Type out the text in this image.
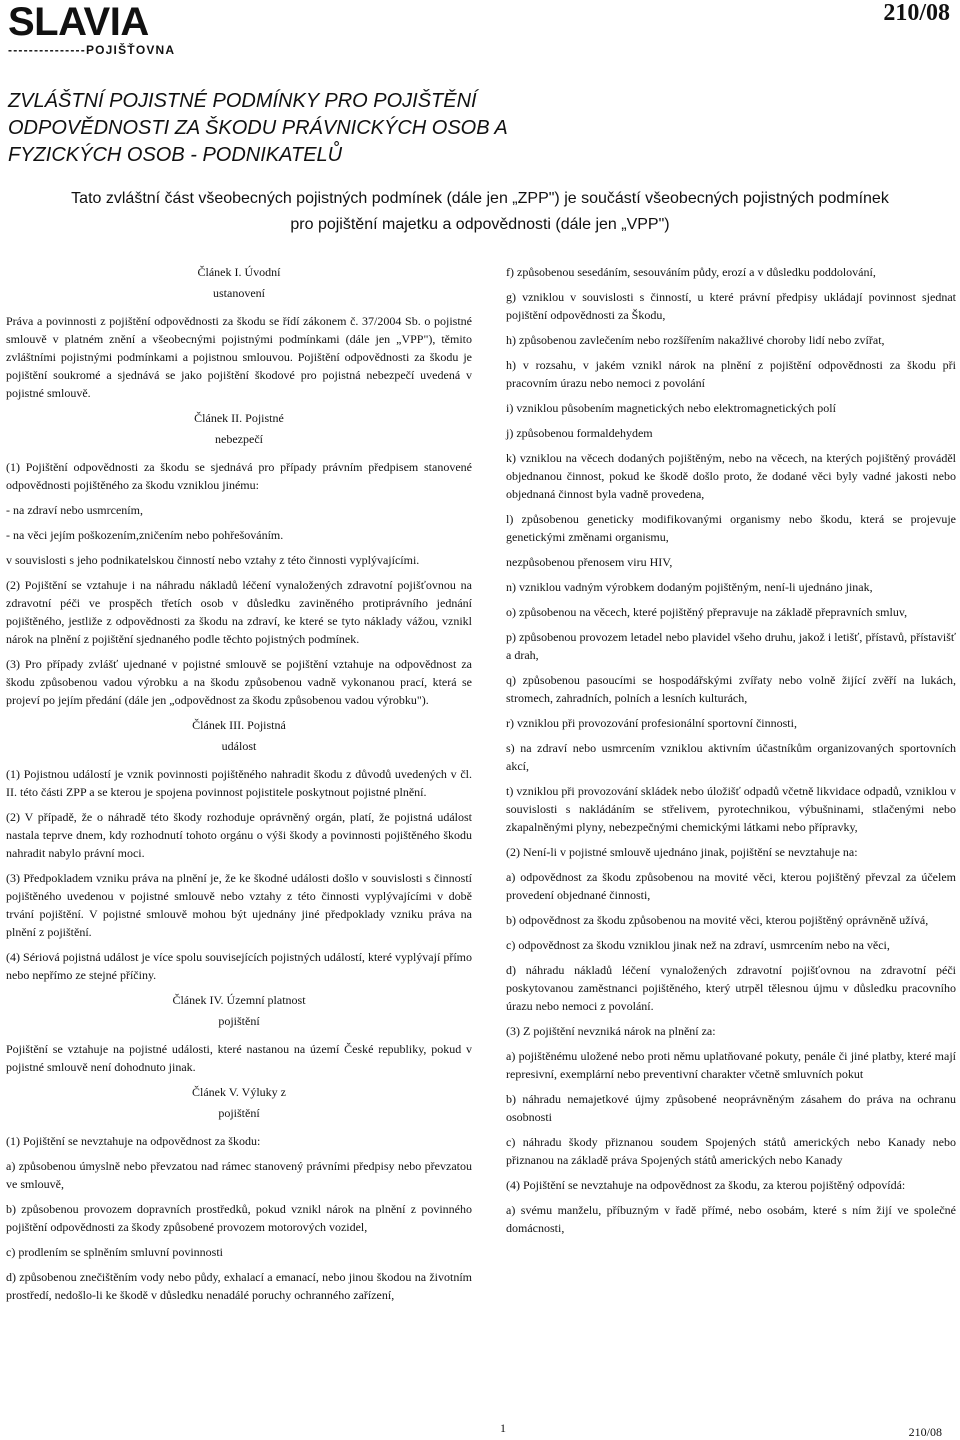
SLAVIA
---------------POJIŠŤOVNA
210/08
ZVLÁŠTNÍ POJISTNÉ PODMÍNKY PRO POJIŠTĚNÍ
ODPOVĚDNOSTI ZA ŠKODU PRÁVNICKÝCH OSOB A
FYZICKÝCH OSOB - PODNIKATELŮ
Tato zvláštní část všeobecných pojistných podmínek (dále jen „ZPP") je součástí všeobecných pojistných podmínek
pro pojištění majetku a odpovědnosti (dále jen „VPP")
Článek I. Úvodní
ustanovení

Práva a povinnosti z pojištění odpovědnosti za škodu se řídí zákonem č. 37/2004 Sb. o pojistné smlouvě v platném znění a všeobecnými pojistnými podmínkami (dále jen „VPP"), těmito zvláštními pojistnými podmínkami a pojistnou smlouvou. Pojištění odpovědnosti za škodu je pojištění soukromé a sjednává se jako pojištění škodové pro pojistná nebezpečí uvedená v pojistné smlouvě.

Článek II. Pojistné
nebezpečí

(1) Pojištění odpovědnosti za škodu se sjednává pro případy právním předpisem stanovené odpovědnosti pojištěného za škodu vzniklou jinému:

- na zdraví nebo usmrcením,

- na věci jejím poškozením,zničením nebo pohřešováním.

v souvislosti s jeho podnikatelskou činností nebo vztahy z této činnosti vyplývajícími.

(2) Pojištění se vztahuje i na náhradu nákladů léčení vynaložených zdravotní pojišťovnou na zdravotní péči ve prospěch třetích osob v důsledku zaviněného protiprávního jednání pojištěného, jestliže z odpovědnosti za škodu na zdraví, ke které se tyto náklady vážou, vznikl nárok na plnění z pojištění sjednaného podle těchto pojistných podmínek.

(3) Pro případy zvlášť ujednané v pojistné smlouvě se pojištění vztahuje na odpovědnost za škodu způsobenou vadou výrobku a na škodu způsobenou vadně vykonanou prací, která se projeví po jejím předání (dále jen „odpovědnost za škodu způsobenou vadou výrobku").

Článek III. Pojistná
událost

(1) Pojistnou událostí je vznik povinnosti pojištěného nahradit škodu z důvodů uvedených v čl. II. této části ZPP a se kterou je spojena povinnost pojistitele poskytnout pojistné plnění.

(2) V případě, že o náhradě této škody rozhoduje oprávněný orgán, platí, že pojistná událost nastala teprve dnem, kdy rozhodnutí tohoto orgánu o výši škody a povinnosti pojištěného škodu nahradit nabylo právní moci.

(3) Předpokladem vzniku práva na plnění je, že ke škodné události došlo v souvislosti s činností pojištěného uvedenou v pojistné smlouvě nebo vztahy z této činnosti vyplývajícími v době trvání pojištění. V pojistné smlouvě mohou být ujednány jiné předpoklady vzniku práva na plnění z pojištění.

(4) Sériová pojistná událost je více spolu souvisejících pojistných událostí, které vyplývají přímo nebo nepřímo ze stejné příčiny.

Článek IV. Územní platnost
pojištění

Pojištění se vztahuje na pojistné události, které nastanou na území České republiky, pokud v pojistné smlouvě není dohodnuto jinak.

Článek V. Výluky z
pojištění

(1) Pojištění se nevztahuje na odpovědnost za škodu:

a) způsobenou úmyslně nebo převzatou nad rámec stanovený právními předpisy nebo převzatou ve smlouvě,

b) způsobenou provozem dopravních prostředků, pokud vznikl nárok na plnění z povinného pojištění odpovědnosti za škody způsobené provozem motorových vozidel,

c) prodlením se splněním smluvní povinnosti

d) způsobenou znečištěním vody nebo půdy, exhalací a emanací, nebo jinou škodou na životním prostředí, nedošlo-li ke škodě v důsledku nenadálé poruchy ochranného zařízení,

f) způsobenou sesedáním, sesouváním půdy, erozí a v důsledku poddolování,

g) vzniklou v souvislosti s činností, u které právní předpisy ukládají povinnost sjednat pojištění odpovědnosti za Škodu,

h) způsobenou zavlečením nebo rozšířením nakažlivé choroby lidí nebo zvířat,

h) v rozsahu, v jakém vznikl nárok na plnění z pojištění odpovědnosti za škodu při pracovním úrazu nebo nemoci z povolání

i) vzniklou působením magnetických nebo elektromagnetických polí

j) způsobenou formaldehydem

k) vzniklou na věcech dodaných pojištěným, nebo na věcech, na kterých pojištěný prováděl objednanou činnost, pokud ke škodě došlo proto, že dodané věci byly vadné jakosti nebo objednaná činnost byla vadně provedena,

l) způsobenou geneticky modifikovanými organismy nebo škodu, která se projevuje genetickými změnami organismu,

nezpůsobenou přenosem viru HIV,

n) vzniklou vadným výrobkem dodaným pojištěným, není-li ujednáno jinak,

o) způsobenou na věcech, které pojištěný přepravuje na základě přepravních smluv,

p) způsobenou provozem letadel nebo plavidel všeho druhu, jakož i letišť, přístavů, přístavišť a drah,

q) způsobenou pasoucími se hospodářskými zvířaty nebo volně žijící zvěří na lukách, stromech, zahradních, polních a lesních kulturách,

r) vzniklou při provozování profesionální sportovní činnosti,

s) na zdraví nebo usmrcením vzniklou aktivním účastníkům organizovaných sportovních akcí,

t) vzniklou při provozování skládek nebo úložišť odpadů včetně likvidace odpadů, vzniklou v souvislosti s nakládáním se střelivem, pyrotechnikou, výbušninami, stlačenými nebo zkapalněnými plyny, nebezpečnými chemickými látkami nebo přípravky,

(2) Není-li v pojistné smlouvě ujednáno jinak, pojištění se nevztahuje na:

a) odpovědnost za škodu způsobenou na movité věci, kterou pojištěný převzal za účelem provedení objednané činnosti,

b) odpovědnost za škodu způsobenou na movité věci, kterou pojištěný oprávněně užívá,

c) odpovědnost za škodu vzniklou jinak než na zdraví, usmrcením nebo na věci,

d) náhradu nákladů léčení vynaložených zdravotní pojišťovnou na zdravotní péči poskytovanou zaměstnanci pojištěného, který utrpěl tělesnou újmu v důsledku pracovního úrazu nebo nemoci z povolání.

(3) Z pojištění nevzniká nárok na plnění za:

a) pojištěnému uložené nebo proti němu uplatňované pokuty, penále či jiné platby, které mají represivní, exemplární nebo preventivní charakter včetně smluvních pokut

b) náhradu nemajetkové újmy způsobené neoprávněným zásahem do práva na ochranu osobnosti

c) náhradu škody přiznanou soudem Spojených států amerických nebo Kanady nebo přiznanou na základě práva Spojených států amerických nebo Kanady

(4) Pojištění se nevztahuje na odpovědnost za škodu, za kterou pojištěný odpovídá:

a) svému manželu, příbuzným v řadě přímé, nebo osobám, které s ním žijí ve společné domácnosti,

1	210/08
